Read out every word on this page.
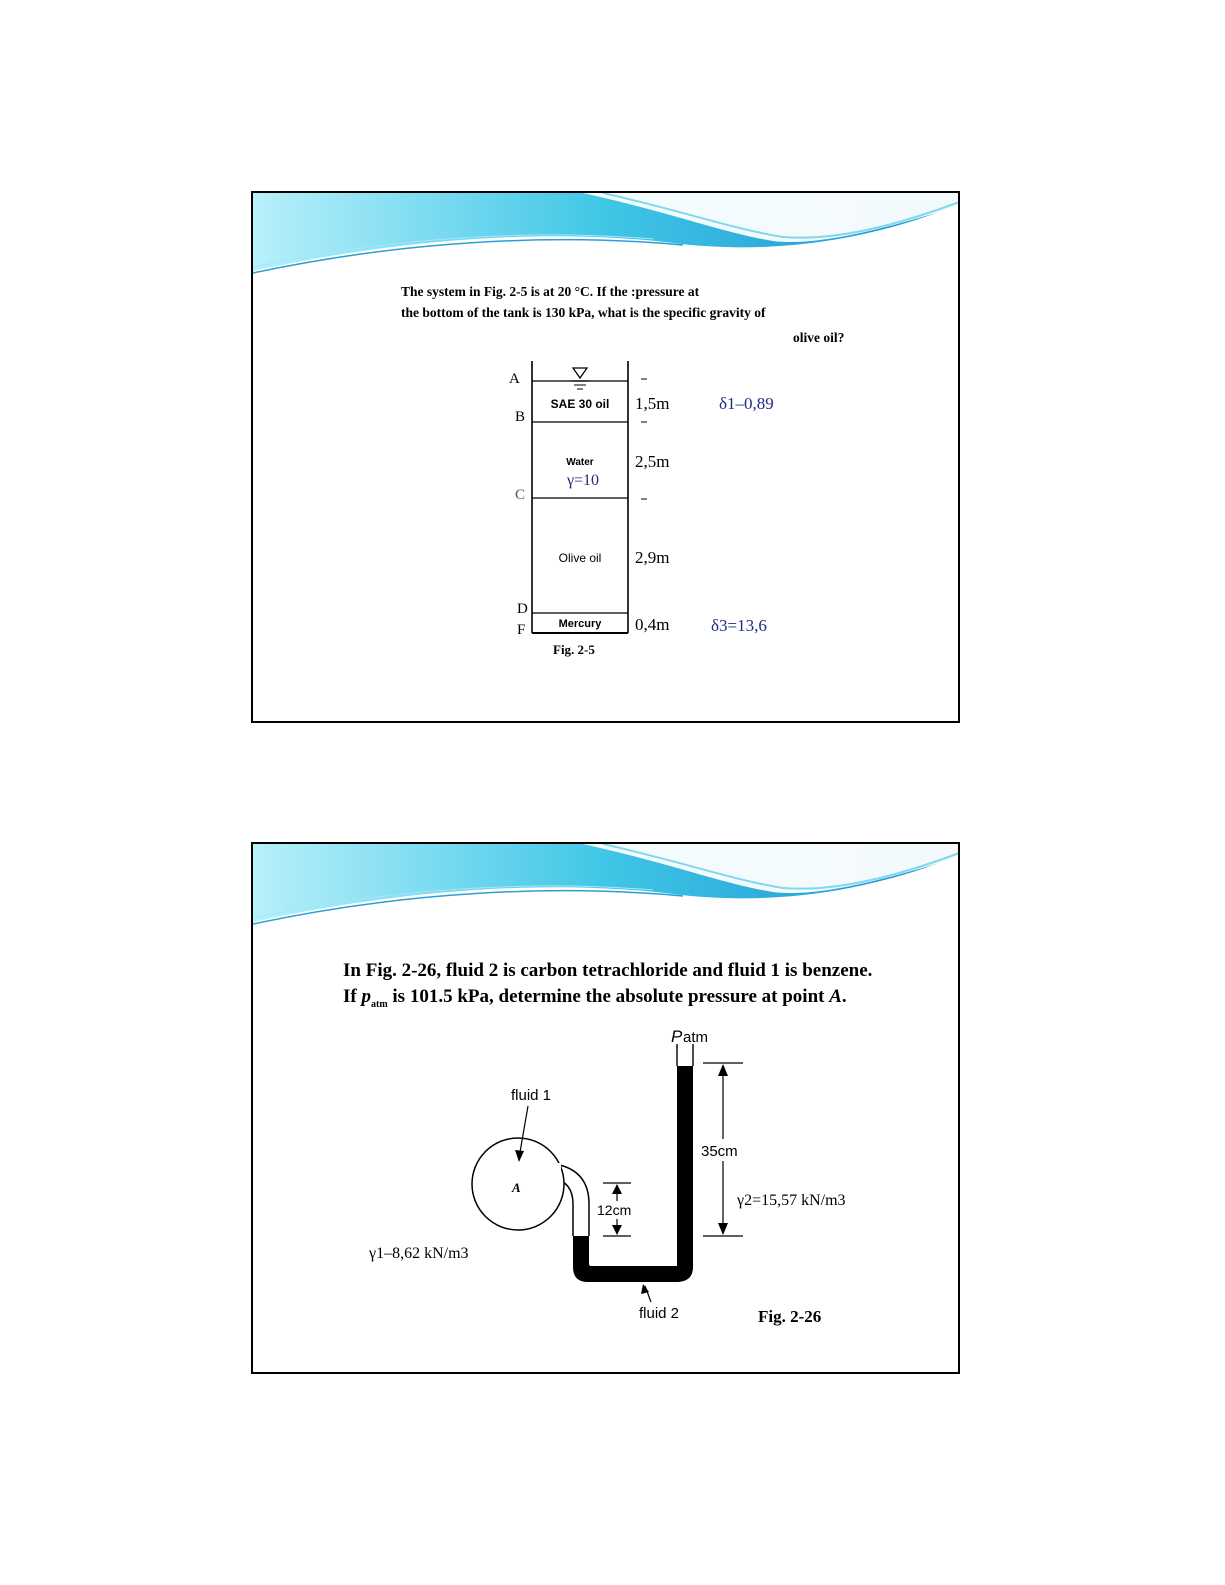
The system in Fig. 2-5 is at 20 °C. If the :pressure at
the bottom of the tank is 130 kPa, what is the specific gravity of
olive oil?
A
B
C
D
F
SAE 30 oil
Water
γ=10
Olive oil
Mercury
1,5m
2,5m
2,9m
0,4m
δ1–0,89
δ3=13,6
Fig. 2-5
In Fig. 2-26, fluid 2 is carbon tetrachloride and fluid 1 is benzene.
If $p_{atm}$ is 101.5 kPa, determine the absolute pressure at point A.
P atm
A
fluid 1
35cm
12cm
γ2=15,57 kN/m3
γ1–8,62 kN/m3
fluid 2	Fig. 2-26
